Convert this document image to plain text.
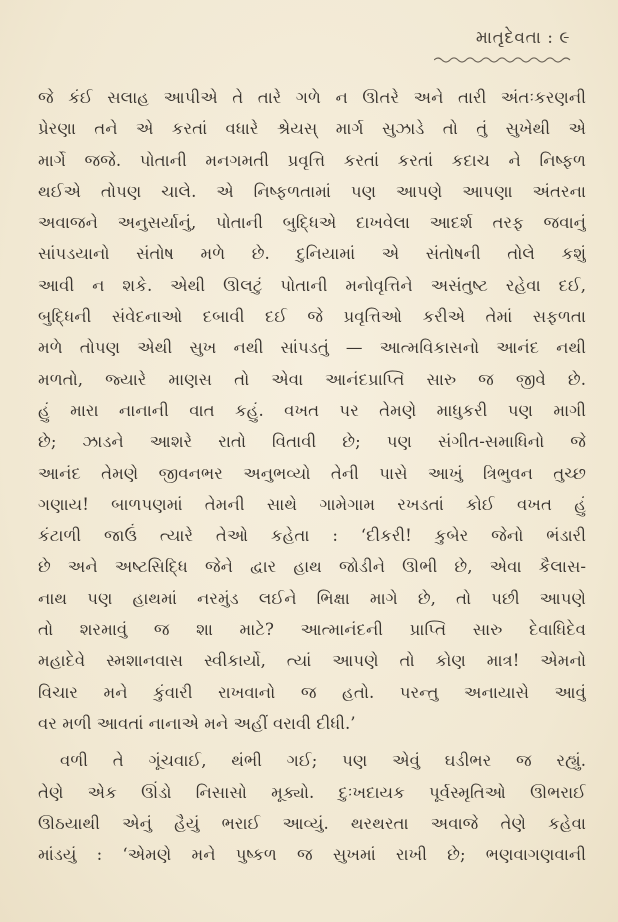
માતૃદેવતા : ૯
જે કંઈ સલાહ આપીએ તે તારે ગળે ન ઊતરે અને તારી અંતઃકરણની
પ્રેરણા તને એ કરતાં વધારે શ્રેયસ્ માર્ગ સુઝાડે તો તું સુખેથી એ
માર્ગે જજે. પોતાની મનગમતી પ્રવૃત્તિ કરતાં કરતાં કદાચ ને નિષ્ફળ
થઈએ તોપણ ચાલે. એ નિષ્ફળતામાં પણ આપણે આપણા અંતરના
અવાજને અનુસર્યાનું, પોતાની બુદ્ધિએ દાખવેલા આદર્શ તરફ જવાનું
સાંપડયાનો સંતોષ મળે છે. દુનિયામાં એ સંતોષની તોલે કશું
આવી ન શકે. એથી ઊલટું પોતાની મનોવૃત્તિને અસંતુષ્ટ રહેવા દઈ,
બુદ્ધિની સંવેદનાઓ દબાવી દઈ જે પ્રવૃત્તિઓ કરીએ તેમાં સફળતા
મળે તોપણ એથી સુખ નથી સાંપડતું — આત્મવિકાસનો આનંદ નથી
મળતો, જ્યારે માણસ તો એવા આનંદપ્રાપ્તિ સારુ જ જીવે છે.
હું મારા નાનાની વાત કહું. વખત પર તેમણે માધુકરી પણ માગી
છે; ઝાડને આશરે રાતો વિતાવી છે; પણ સંગીત-સમાધિનો જે
આનંદ તેમણે જીવનભર અનુભવ્યો તેની પાસે આખું ત્રિભુવન તુચ્છ
ગણાય! બાળપણમાં તેમની સાથે ગામેગામ રખડતાં કોઈ વખત હું
કંટાળી જાઉં ત્યારે તેઓ કહેતા : ‘દીકરી! કુબેર જેનો ભંડારી
છે અને અષ્ટસિદ્ધિ જેને દ્વાર હાથ જોડીને ઊભી છે, એવા કૈલાસ-
નાથ પણ હાથમાં નરમુંડ લઈને ભિક્ષા માગે છે, તો પછી આપણે
તો શરમાવું જ શા માટે? આત્માનંદની પ્રાપ્તિ સારુ દેવાધિદેવ
મહાદેવે સ્મશાનવાસ સ્વીકાર્યો, ત્યાં આપણે તો કોણ માત્ર! એમનો
વિચાર મને કુંવારી રાખવાનો જ હતો. પરન્તુ અનાયાસે આવું
વર મળી આવતાં નાનાએ મને અહીં વરાવી દીધી.’
વળી તે ગૂંચવાઈ, થંભી ગઈ; પણ એવું ઘડીભર જ રહ્યું.
તેણે એક ઊંડો નિસાસો મૂક્યો. દુઃખદાયક પૂર્વસ્મૃતિઓ ઊભરાઈ
ઊઠયાથી એનું હૈયું ભરાઈ આવ્યું. થરથરતા અવાજે તેણે કહેવા
માંડયું : ‘એમણે મને પુષ્કળ જ સુખમાં રાખી છે; ભણવાગણવાની
